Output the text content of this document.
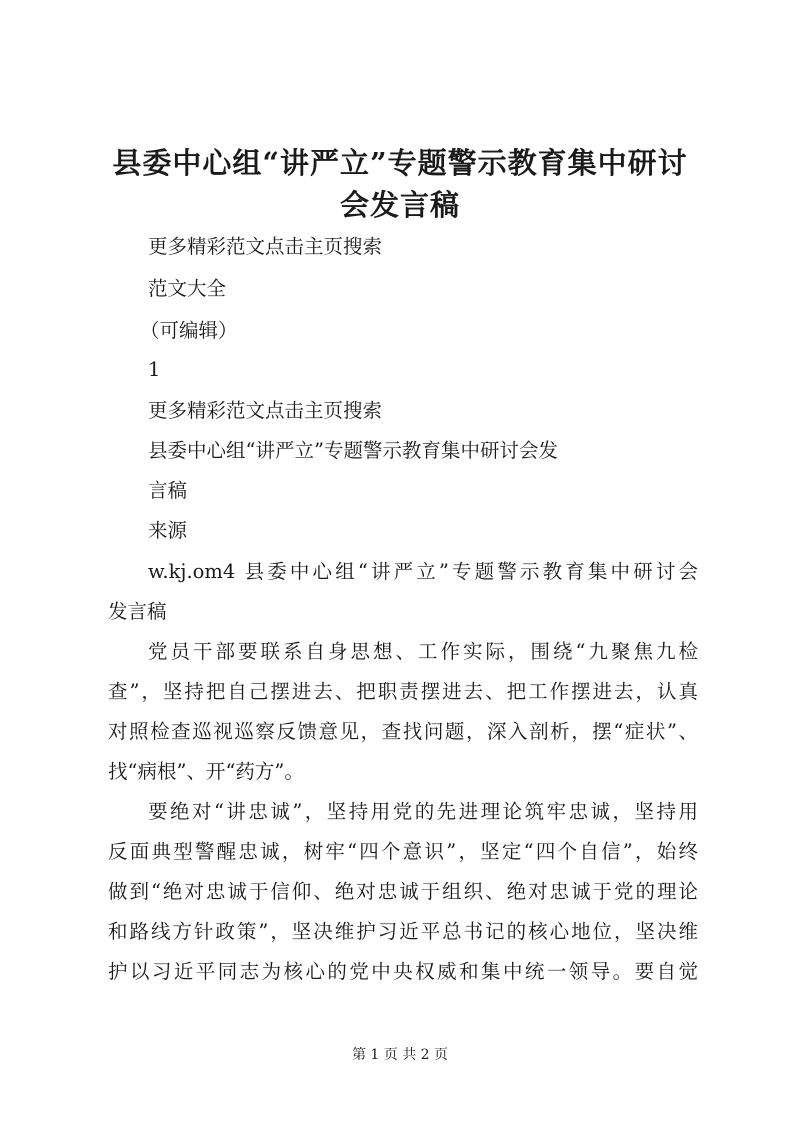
县委中心组“讲严立”专题警示教育集中研讨
会发言稿
更多精彩范文点击主页搜索
范文大全
（可编辑）
1
更多精彩范文点击主页搜索
县委中心组“讲严立”专题警示教育集中研讨会发
言稿
来源
w.kj.om4 县委中心组“讲严立”专题警示教育集中研讨会
发言稿
党员干部要联系自身思想、工作实际，围绕“九聚焦九检
查”，坚持把自己摆进去、把职责摆进去、把工作摆进去，认真
对照检查巡视巡察反馈意见，查找问题，深入剖析，摆“症状”、
找“病根”、开“药方”。
要绝对“讲忠诚”，坚持用党的先进理论筑牢忠诚，坚持用
反面典型警醒忠诚，树牢“四个意识”，坚定“四个自信”，始终
做到“绝对忠诚于信仰、绝对忠诚于组织、绝对忠诚于党的理论
和路线方针政策”，坚决维护习近平总书记的核心地位，坚决维
护以习近平同志为核心的党中央权威和集中统一领导。要自觉
第 1 页 共 2 页
